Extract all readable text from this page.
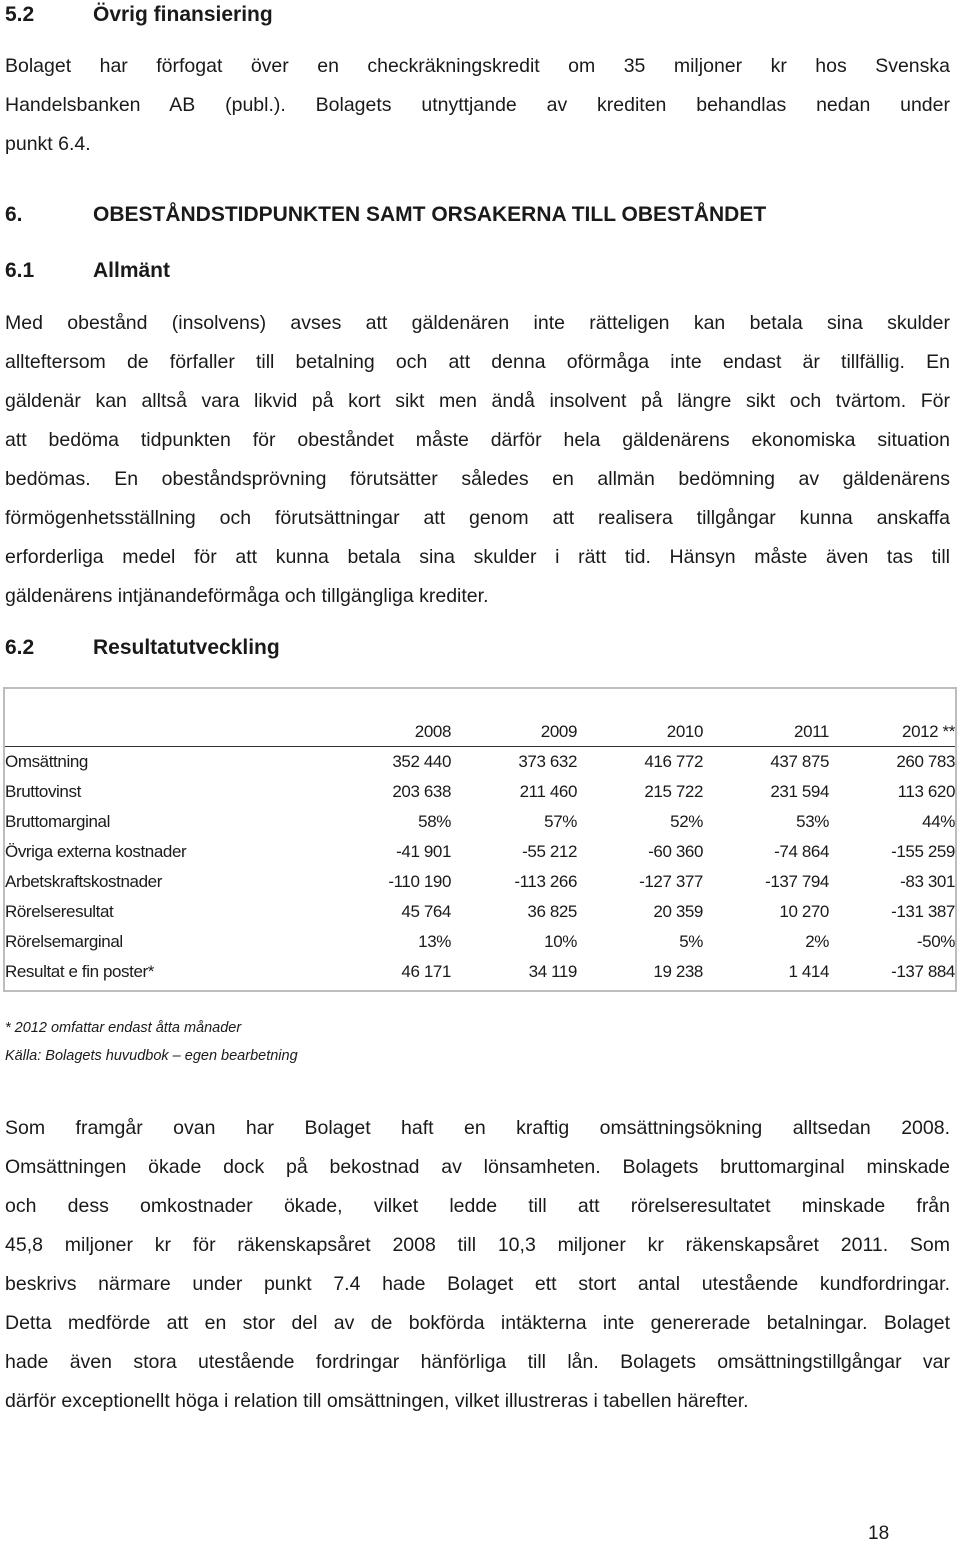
5.2	Övrig finansiering
Bolaget har förfogat över en checkräkningskredit om 35 miljoner kr hos Svenska
Handelsbanken AB (publ.). Bolagets utnyttjande av krediten behandlas nedan under
punkt 6.4.
6.	OBESTÅNDSTIDPUNKTEN SAMT ORSAKERNA TILL OBESTÅNDET
6.1	Allmänt
Med obestånd (insolvens) avses att gäldenären inte rätteligen kan betala sina skulder
allteftersom de förfaller till betalning och att denna oförmåga inte endast är tillfällig. En
gäldenär kan alltså vara likvid på kort sikt men ändå insolvent på längre sikt och tvärtom. För
att bedöma tidpunkten för obeståndet måste därför hela gäldenärens ekonomiska situation
bedömas. En obeståndsprövning förutsätter således en allmän bedömning av gäldenärens
förmögenhetsställning och förutsättningar att genom att realisera tillgångar kunna anskaffa
erforderliga medel för att kunna betala sina skulder i rätt tid. Hänsyn måste även tas till
gäldenärens intjänandeförmåga och tillgängliga krediter.
6.2	Resultatutveckling
	2008	2009	2010	2011	2012 **
Omsättning	352 440	373 632	416 772	437 875	260 783
Bruttovinst	203 638	211 460	215 722	231 594	113 620
Bruttomarginal	58%	57%	52%	53%	44%
Övriga externa kostnader	-41 901	-55 212	-60 360	-74 864	-155 259
Arbetskraftskostnader	-110 190	-113 266	-127 377	-137 794	-83 301
Rörelseresultat	45 764	36 825	20 359	10 270	-131 387
Rörelsemarginal	13%	10%	5%	2%	-50%
Resultat e fin poster*	46 171	34 119	19 238	1 414	-137 884
* 2012 omfattar endast åtta månader
Källa: Bolagets huvudbok – egen bearbetning
Som framgår ovan har Bolaget haft en kraftig omsättningsökning alltsedan 2008.
Omsättningen ökade dock på bekostnad av lönsamheten. Bolagets bruttomarginal minskade
och dess omkostnader ökade, vilket ledde till att rörelseresultatet minskade från
45,8 miljoner kr för räkenskapsåret 2008 till 10,3 miljoner kr räkenskapsåret 2011. Som
beskrivs närmare under punkt 7.4 hade Bolaget ett stort antal utestående kundfordringar.
Detta medförde att en stor del av de bokförda intäkterna inte genererade betalningar. Bolaget
hade även stora utestående fordringar hänförliga till lån. Bolagets omsättningstillgångar var
därför exceptionellt höga i relation till omsättningen, vilket illustreras i tabellen härefter.
18
